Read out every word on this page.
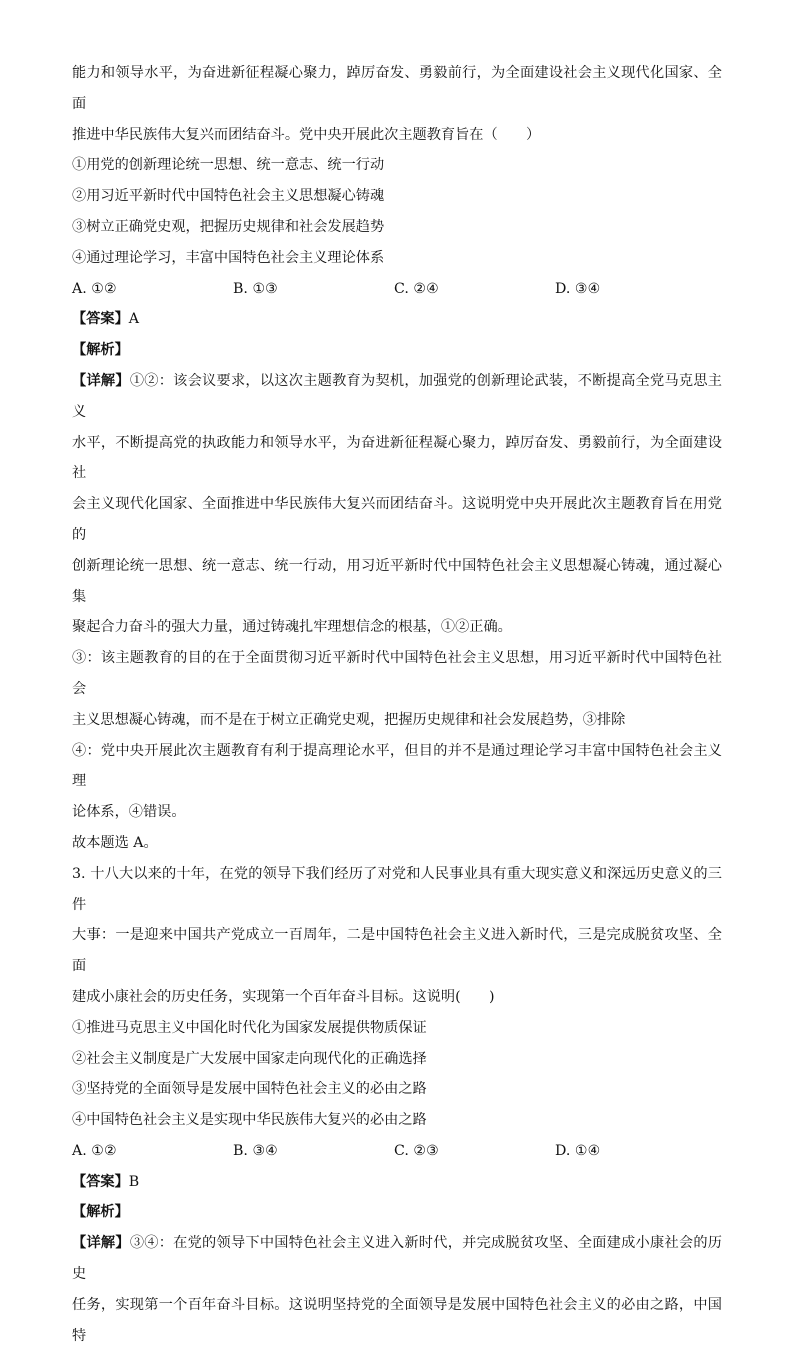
能力和领导水平，为奋进新征程凝心聚力，踔厉奋发、勇毅前行，为全面建设社会主义现代化国家、全面

推进中华民族伟大复兴而团结奋斗。党中央开展此次主题教育旨在（　　）

①用党的创新理论统一思想、统一意志、统一行动

②用习近平新时代中国特色社会主义思想凝心铸魂

③树立正确党史观，把握历史规律和社会发展趋势

④通过理论学习，丰富中国特色社会主义理论体系

A. ①②	B. ①③	C. ②④	D. ③④

【答案】A

【解析】

【详解】①②：该会议要求，以这次主题教育为契机，加强党的创新理论武装，不断提高全党马克思主义

水平，不断提高党的执政能力和领导水平，为奋进新征程凝心聚力，踔厉奋发、勇毅前行，为全面建设社

会主义现代化国家、全面推进中华民族伟大复兴而团结奋斗。这说明党中央开展此次主题教育旨在用党的

创新理论统一思想、统一意志、统一行动，用习近平新时代中国特色社会主义思想凝心铸魂，通过凝心集

聚起合力奋斗的强大力量，通过铸魂扎牢理想信念的根基，①②正确。

③：该主题教育的目的在于全面贯彻习近平新时代中国特色社会主义思想，用习近平新时代中国特色社会

主义思想凝心铸魂，而不是在于树立正确党史观，把握历史规律和社会发展趋势，③排除

④：党中央开展此次主题教育有利于提高理论水平，但目的并不是通过理论学习丰富中国特色社会主义理

论体系，④错误。

故本题选 A。

3. 十八大以来的十年，在党的领导下我们经历了对党和人民事业具有重大现实意义和深远历史意义的三件

大事：一是迎来中国共产党成立一百周年，二是中国特色社会主义进入新时代，三是完成脱贫攻坚、全面

建成小康社会的历史任务，实现第一个百年奋斗目标。这说明(　　)

①推进马克思主义中国化时代化为国家发展提供物质保证

②社会主义制度是广大发展中国家走向现代化的正确选择

③坚持党的全面领导是发展中国特色社会主义的必由之路

④中国特色社会主义是实现中华民族伟大复兴的必由之路

A. ①②	B. ③④	C. ②③	D. ①④

【答案】B

【解析】

【详解】③④：在党的领导下中国特色社会主义进入新时代，并完成脱贫攻坚、全面建成小康社会的历史

任务，实现第一个百年奋斗目标。这说明坚持党的全面领导是发展中国特色社会主义的必由之路，中国特
